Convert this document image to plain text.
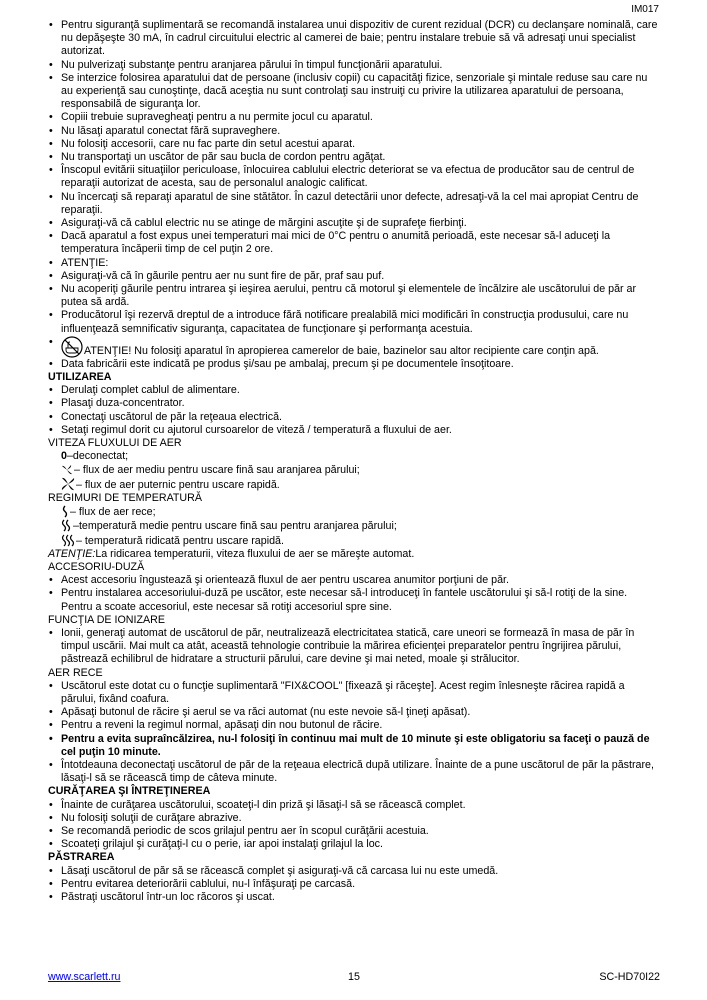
IM017
• Pentru siguranţă suplimentară se recomandă instalarea unui dispozitiv de curent rezidual (DCR) cu declanşare nominală, care nu depăşeşte 30 mA, în cadrul circuitului electric al camerei de baie; pentru instalare trebuie să vă adresaţi unui specialist autorizat.
• Nu pulverizaţi substanţe pentru aranjarea părului în timpul funcţionării aparatului.
• Se interzice folosirea aparatului dat de persoane (inclusiv copii) cu capacităţi fizice, senzoriale şi mintale reduse sau care nu au experienţă sau cunoştinţe, dacă aceştia nu sunt controlaţi sau instruiţi cu privire la utilizarea aparatului de persoana, responsabilă de siguranţa lor.
• Copiii trebuie supravegheaţi pentru a nu permite jocul cu aparatul.
• Nu lăsaţi aparatul conectat fără supraveghere.
• Nu folosiţi accesorii, care nu fac parte din setul acestui aparat.
• Nu transportaţi un uscător de păr sau bucla de cordon pentru agăţat.
• Înscopul evitării situaţiilor periculoase, înlocuirea cablului electric deteriorat se va efectua de producător sau de centrul de reparaţii autorizat de acesta, sau de personalul analogic calificat.
• Nu încercaţi să reparaţi aparatul de sine stătător. În cazul detectării unor defecte, adresaţi-vă la cel mai apropiat Centru de reparaţii.
• Asiguraţi-vă că cablul electric nu se atinge de mărgini ascuţite şi de suprafeţe fierbinţi.
• Dacă aparatul a fost expus unei temperaturi mai mici de 0°C pentru o anumită perioadă, este necesar să-l aduceţi la temperatura încăperii timp de cel puţin 2 ore.
• ATENŢIE:
• Asiguraţi-vă că în găurile pentru aer nu sunt fire de păr, praf sau puf.
• Nu acoperiţi găurile pentru intrarea şi ieşirea aerului, pentru că motorul şi elementele de încălzire ale uscătorului de păr ar putea să ardă.
• Producătorul îşi rezervă dreptul de a introduce fără notificare prealabilă mici modificări în construcţia produsului, care nu influenţează semnificativ siguranţa, capacitatea de funcţionare şi performanţa acestuia.
• ATENŢIE! Nu folosiţi aparatul în apropierea camerelor de baie, bazinelor sau altor recipiente care conţin apă.
• Data fabricării este indicată pe produs şi/sau pe ambalaj, precum şi pe documentele însoţitoare.
UTILIZAREA
• Derulaţi complet cablul de alimentare.
• Plasaţi duza-concentrator.
• Conectaţi uscătorul de păr la reţeaua electrică.
• Setaţi regimul dorit cu ajutorul cursoarelor de viteză / temperatură a fluxului de aer.
VITEZA FLUXULUI DE AER
0–deconectat;
– flux de aer mediu pentru uscare fină sau aranjarea părului;
– flux de aer puternic pentru uscare rapidă.
REGIMURI DE TEMPERATURĂ
– flux de aer rece;
–temperatură medie pentru uscare fină sau pentru aranjarea părului;
– temperatură ridicată pentru uscare rapidă.
ATENŢIE:La ridicarea temperaturii, viteza fluxului de aer se măreşte automat.
ACCESORIU-DUZĂ
• Acest accesoriu îngustează şi orientează fluxul de aer pentru uscarea anumitor porţiuni de păr.
• Pentru instalarea accesoriului-duză pe uscător, este necesar să-l introduceţi în fantele uscătorului şi să-l rotiţi de la sine. Pentru a scoate accesoriul, este necesar să rotiţi accesoriul spre sine.
FUNCŢIA DE IONIZARE
• Ionii, generaţi automat de uscătorul de păr, neutralizează electricitatea statică, care uneori se formează în masa de păr în timpul uscării. Mai mult ca atât, această tehnologie contribuie la mărirea eficienţei preparatelor pentru îngrijirea părului, păstrează echilibrul de hidratare a structurii părului, care devine şi mai neted, moale şi strălucitor.
AER RECE
• Uscătorul este dotat cu o funcţie suplimentară "FIX&COOL" [fixează şi răceşte]. Acest regim înlesneşte răcirea rapidă a părului, fixând coafura.
• Apăsaţi butonul de răcire şi aerul se va răci automat (nu este nevoie să-l ţineţi apăsat).
• Pentru a reveni la regimul normal, apăsaţi din nou butonul de răcire.
• Pentru a evita supraîncălzirea, nu-l folosiţi în continuu mai mult de 10 minute şi este obligatoriu sa faceţi o pauză de cel puţin 10 minute.
• Întotdeauna deconectaţi uscătorul de păr de la reţeaua electrică după utilizare. Înainte de a pune uscătorul de păr la păstrare, lăsaţi-l să se răcească timp de câteva minute.
CURĂŢAREA ŞI ÎNTREŢINEREA
• Înainte de curăţarea uscătorului, scoateţi-l din priză şi lăsaţi-l să se răcească complet.
• Nu folosiţi soluţii de curăţare abrazive.
• Se recomandă periodic de scos grilajul pentru aer în scopul curăţării acestuia.
• Scoateţi grilajul şi curăţaţi-l cu o perie, iar apoi instalaţi grilajul la loc.
PĂSTRAREA
• Lăsaţi uscătorul de păr să se răcească complet şi asiguraţi-vă că carcasa lui nu este umedă.
• Pentru evitarea deteriorării cablului, nu-l înfăşuraţi pe carcasă.
• Păstraţi uscătorul într-un loc răcoros şi uscat.
www.scarlett.ru	15	SC-HD70I22
